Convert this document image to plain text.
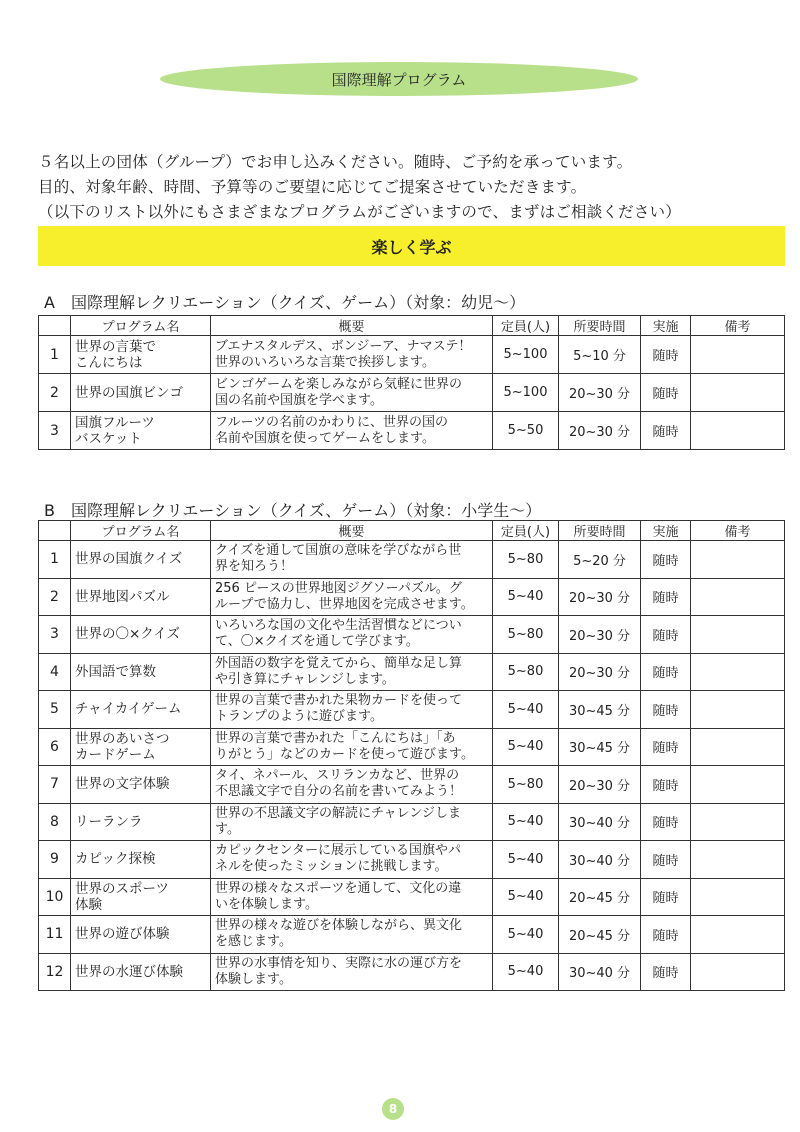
国際理解プログラム
５名以上の団体（グループ）でお申し込みください。随時、ご予約を承っています。
目的、対象年齢、時間、予算等のご要望に応じてご提案させていただきます。
（以下のリスト以外にもさまざまなプログラムがございますので、まずはご相談ください）
楽しく学ぶ
A　国際理解レクリエーション（クイズ、ゲーム）（対象：幼児～）
	プログラム名	概要	定員(人)	所要時間	実施	備考
1	世界の言葉で
こんにちは	ブエナスタルデス、ボンジーア、ナマステ！
世界のいろいろな言葉で挨拶します。	5~100	5~10 分	随時	
2	世界の国旗ビンゴ	ビンゴゲームを楽しみながら気軽に世界の
国の名前や国旗を学べます。	5~100	20~30 分	随時	
3	国旗フルーツ
バスケット	フルーツの名前のかわりに、世界の国の
名前や国旗を使ってゲームをします。	5~50	20~30 分	随時	
B　国際理解レクリエーション（クイズ、ゲーム）（対象：小学生～）
	プログラム名	概要	定員(人)	所要時間	実施	備考
1	世界の国旗クイズ	クイズを通して国旗の意味を学びながら世
界を知ろう！	5~80	5~20 分	随時	
2	世界地図パズル	256 ピースの世界地図ジグソーパズル。グ
ループで協力し、世界地図を完成させます。	5~40	20~30 分	随時	
3	世界の〇×クイズ	いろいろな国の文化や生活習慣などについ
て、〇×クイズを通して学びます。	5~80	20~30 分	随時	
4	外国語で算数	外国語の数字を覚えてから、簡単な足し算
や引き算にチャレンジします。	5~80	20~30 分	随時	
5	チャイカイゲーム	世界の言葉で書かれた果物カードを使って
トランプのように遊びます。	5~40	30~45 分	随時	
6	世界のあいさつ
カードゲーム	世界の言葉で書かれた「こんにちは」「あ
りがとう」などのカードを使って遊びます。	5~40	30~45 分	随時	
7	世界の文字体験	タイ、ネパール、スリランカなど、世界の
不思議文字で自分の名前を書いてみよう！	5~80	20~30 分	随時	
8	リーランラ	世界の不思議文字の解読にチャレンジしま
す。	5~40	30~40 分	随時	
9	カピック探検	カピックセンターに展示している国旗やパ
ネルを使ったミッションに挑戦します。	5~40	30~40 分	随時	
10	世界のスポーツ
体験	世界の様々なスポーツを通して、文化の違
いを体験します。	5~40	20~45 分	随時	
11	世界の遊び体験	世界の様々な遊びを体験しながら、異文化
を感じます。	5~40	20~45 分	随時	
12	世界の水運び体験	世界の水事情を知り、実際に水の運び方を
体験します。	5~40	30~40 分	随時	
8
